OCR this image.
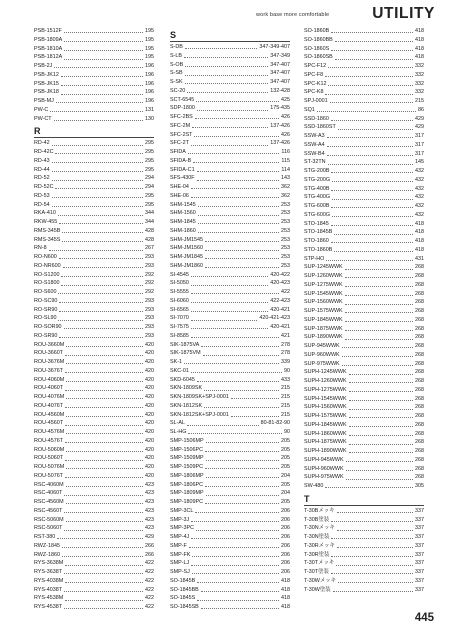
work base more comfortable	UTILITY
PSB-1512F	195
PSB-1809A	195
PSB-1810A	195
PSB-1812A	195
PSB-2J	196
PSB-JK12	196
PSB-JK15	196
PSB-JK18	196
PSB-MJ	196
PW-C	131
PW-CT	130
R
RD-42	295
RD-42C	295
RD-43	295
RD-44	295
RD-52	294
RD-52C	294
RD-53	295
RD-54	295
RKA-410	344
RKW-455	344
RMS-345B	428
RMS-345S	428
RN-8	267
RO-N600	293
RO-NR600	293
RO-S1200	292
RO-S1800	292
RO-S600	292
RO-SC90	293
RO-SR90	293
RO-SL90	293
RO-SOR90	293
RO-SR90	293
ROU-3660M	420
ROU-3660T	420
ROU-3676M	420
ROU-3676T	420
ROU-4060M	420
ROU-4060T	420
ROU-4076M	420
ROU-4076T	420
ROU-4560M	420
ROU-4560T	420
ROU-4576M	420
ROU-4576T	420
ROU-5060M	420
ROU-5060T	420
ROU-5076M	420
ROU-5076T	420
RSC-4060M	423
RSC-4060T	423
RSC-4560M	423
RSC-4560T	423
RSC-5060M	423
RSC-5060T	423
RST-380	429
RWZ-1845	266
RWZ-1860	266
RYS-3638M	422
RYS-3638T	422
RYS-4038M	422
RYS-4038T	422
RYS-4538M	422
RYS-4538T	422
S
S-DB	347-349-407
S-LB	347-349
S-OB	347-407
S-SB	347-407
S-SK	347-407
SC-20	132-428
SCT-6545	425
SDP-1800	175-435
SFC-2BS	426
SFC-2M	137-426
SFC-2ST	426
SFC-2T	137-426
SFIDA	116
SFIDA-B	115
SFIDA-C1	114
SFS-430F	143
SHE-04	362
SHE-06	362
SHM-1545	253
SHM-1560	253
SHM-1845	253
SHM-1860	253
SHM-JM1545	253
SHM-JM1560	253
SHM-JM1845	253
SHM-JM1860	253
SI-4545	420-422
SI-5050	420-423
SI-5555	422
SI-6060	422-423
SI-6565	420-421
SI-7070	420-421-423
SI-7575	420-421
SI-8585	421
SIK-1875VA	278
SIK-1875VM	278
SK-1	339
SKC-01	90
SKD-6045	433
SKN-1809SK	215
SKN-1809SK+SPJ-0001	215
SKN-1812SK	215
SKN-1812SK+SPJ-0001	215
SL-AL	80-81-82-90
SL-HG	90
SMP-1506MP	205
SMP-1506PC	205
SMP-1509MP	205
SMP-1509PC	205
SMP-1806MP	204
SMP-1806PC	205
SMP-1809MP	204
SMP-1809PC	205
SMP-3CL	206
SMP-3J	206
SMP-3PC	206
SMP-4J	206
SMP-F	206
SMP-FK	206
SMP-LJ	206
SMP-SJ	206
SO-1845B	418
SO-1845BB	418
SO-1845S	418
SO-1845SB	418
SO-1860B	418
SO-1860BB	418
SO-1860S	418
SO-1860SB	418
SPC-F12	332
SPC-F8	332
SPC-K12	332
SPC-K8	332
SPJ-0001	215
SQ1	86
SSD-1860	429
SSD-1860ST	429
SSW-A3	317
SSW-A4	317
SSW-B4	317
ST-32TN	145
STG-200B	432
STG-200G	432
STG-400B	432
STG-400G	432
STG-600B	432
STG-600G	432
STO-1845	418
STO-1845B	418
STO-1860	418
STO-1860B	418
STP-HO	431
SUP-1245WWK	268
SUP-1260WWK	268
SUP-1275WWK	268
SUP-1545WWK	268
SUP-1560WWK	268
SUP-1575WWK	268
SUP-1845WWK	268
SUP-1875WWK	268
SUP-1890WWK	268
SUP-945WWK	268
SUP-960WWK	268
SUP-975WWK	268
SUPH-1245WWK	268
SUPH-1260WWK	268
SUPH-1275WWK	268
SUPH-1545WWK	268
SUPH-1560WWK	268
SUPH-1575WWK	268
SUPH-1845WWK	268
SUPH-1860WWK	268
SUPH-1875WWK	268
SUPH-1890WWK	268
SUPH-945WWK	268
SUPH-960WWK	268
SUPH-975WWK	268
SW-480	305
T
T-30Bメッキ	337
T-30B塗装	337
T-30Nメッキ	337
T-30N塗装	337
T-30Rメッキ	337
T-30R塗装	337
T-30Tメッキ	337
T-30T塗装	337
T-30Wメッキ	337
T-30W塗装	337
445
